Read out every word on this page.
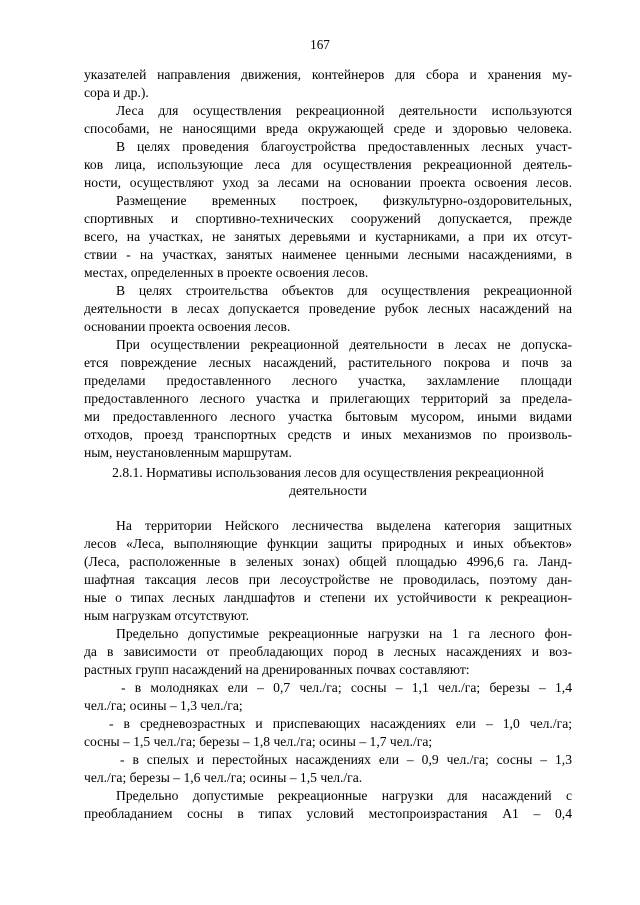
167
указателей направления движения, контейнеров для сбора и хранения му-
сора и др.).
Леса для осуществления рекреационной деятельности используются
способами, не наносящими вреда окружающей среде и здоровью человека.
В целях проведения благоустройства предоставленных лесных участ-
ков лица, использующие леса для осуществления рекреационной деятель-
ности, осуществляют уход за лесами на основании проекта освоения лесов.
Размещение временных построек, физкультурно-оздоровительных,
спортивных и спортивно-технических сооружений допускается, прежде
всего, на участках, не занятых деревьями и кустарниками, а при их отсут-
ствии - на участках, занятых наименее ценными лесными насаждениями, в
местах, определенных в проекте освоения лесов.
В целях строительства объектов для осуществления рекреационной
деятельности в лесах допускается проведение рубок лесных насаждений на
основании проекта освоения лесов.
При осуществлении рекреационной деятельности в лесах не допуска-
ется повреждение лесных насаждений, растительного покрова и почв за
пределами предоставленного лесного участка, захламление площади
предоставленного лесного участка и прилегающих территорий за предела-
ми предоставленного лесного участка бытовым мусором, иными видами
отходов, проезд транспортных средств и иных механизмов по произволь-
ным, неустановленным маршрутам.
2.8.1. Нормативы использования лесов для осуществления рекреационной
деятельности
На территории Нейского лесничества выделена категория защитных
лесов «Леса, выполняющие функции защиты природных и иных объектов»
(Леса, расположенные в зеленых зонах) общей площадью 4996,6 га. Ланд-
шафтная таксация лесов при лесоустройстве не проводилась, поэтому дан-
ные о типах лесных ландшафтов и степени их устойчивости к рекреацион-
ным нагрузкам отсутствуют.
Предельно допустимые рекреационные нагрузки на 1 га лесного фон-
да в зависимости от преобладающих пород в лесных насаждениях и воз-
растных групп насаждений на дренированных почвах составляют:
- в молодняках ели – 0,7 чел./га; сосны – 1,1 чел./га; березы – 1,4
чел./га; осины – 1,3 чел./га;
- в средневозрастных и приспевающих насаждениях ели – 1,0 чел./га;
сосны – 1,5 чел./га; березы – 1,8 чел./га; осины – 1,7 чел./га;
- в спелых и перестойных насаждениях ели – 0,9 чел./га; сосны – 1,3
чел./га; березы – 1,6 чел./га; осины – 1,5 чел./га.
Предельно допустимые рекреационные нагрузки для насаждений с
преобладанием сосны в типах условий местопроизрастания А1 – 0,4
